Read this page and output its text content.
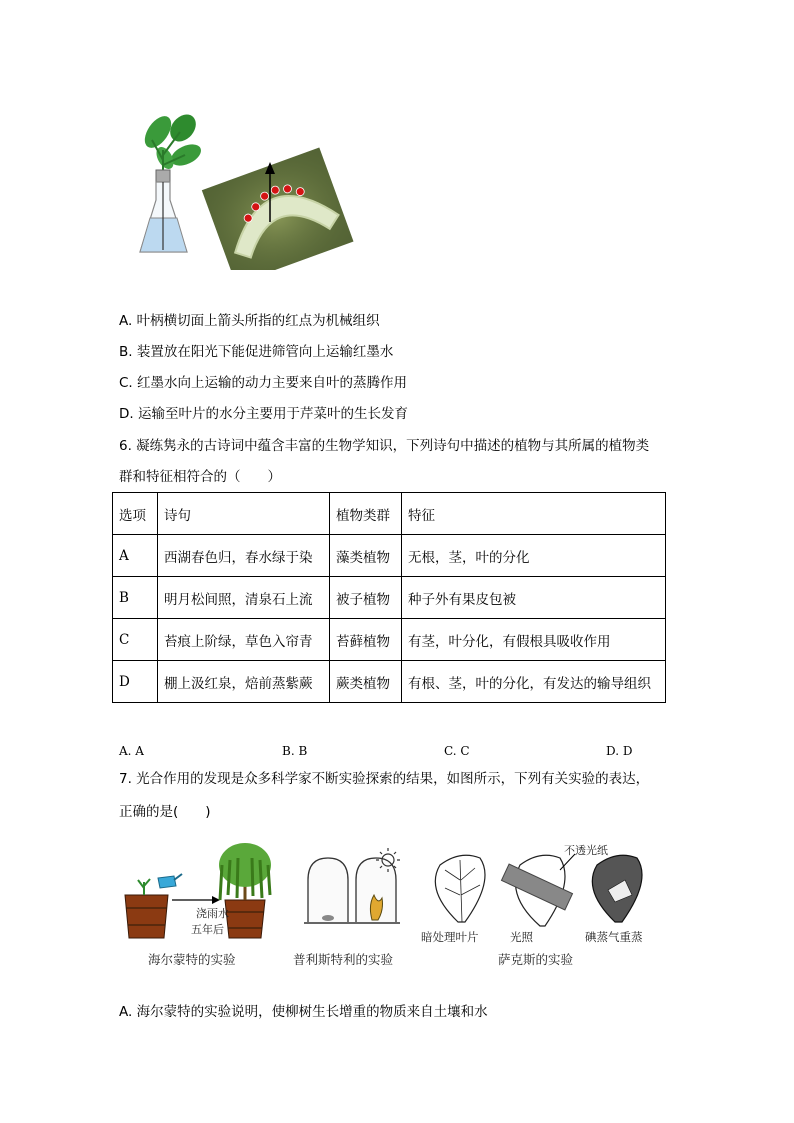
A. 叶柄横切面上箭头所指的红点为机械组织
B. 装置放在阳光下能促进筛管向上运输红墨水
C. 红墨水向上运输的动力主要来自叶的蒸腾作用
D. 运输至叶片的水分主要用于芹菜叶的生长发育
6. 凝练隽永的古诗词中蕴含丰富的生物学知识，下列诗句中描述的植物与其所属的植物类
群和特征相符合的（　　）
选项	诗句	植物类群	特征
A	西湖春色归，春水绿于染	藻类植物	无根，茎，叶的分化
B	明月松间照，清泉石上流	被子植物	种子外有果皮包被
C	苔痕上阶绿，草色入帘青	苔藓植物	有茎，叶分化，有假根具吸收作用
D	棚上汲红泉，焙前蒸紫蕨	蕨类植物	有根、茎，叶的分化，有发达的输导组织
A. A	B. B	C. C	D. D
7. 光合作用的发现是众多科学家不断实验探索的结果，如图所示，下列有关实验的表达，
正确的是(　　)
浇雨水
五年后
不透光纸
暗处理叶片	光照	碘蒸气重蒸
海尔蒙特的实验	普利斯特利的实验	萨克斯的实验
A. 海尔蒙特的实验说明，使柳树生长增重的物质来自土壤和水
